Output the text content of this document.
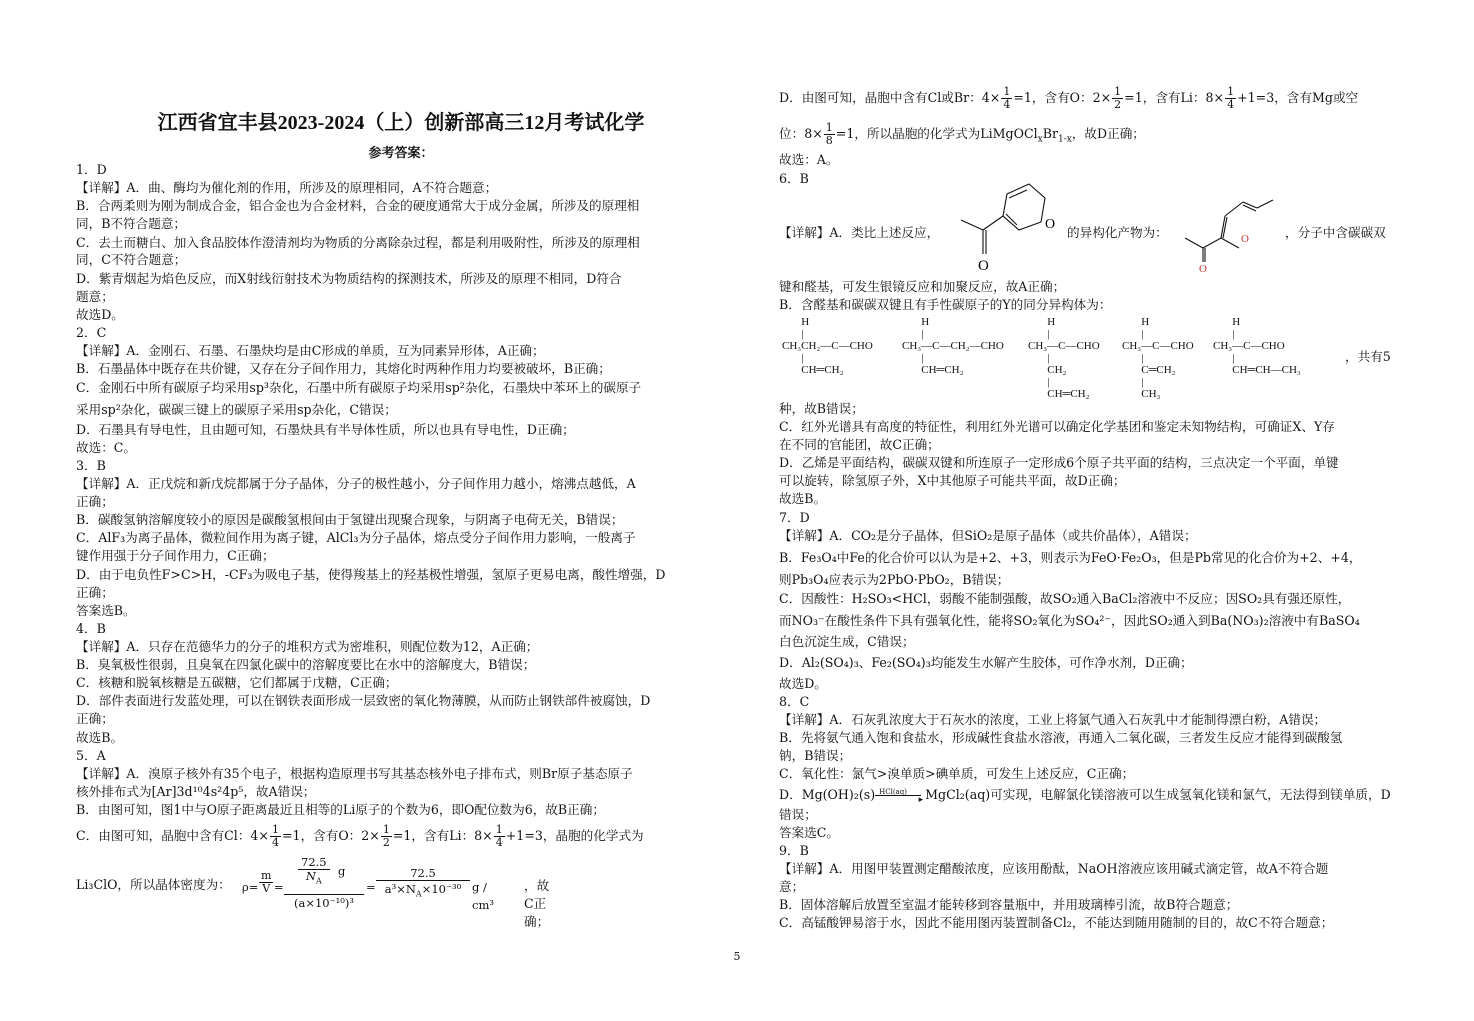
江西省宜丰县2023-2024（上）创新部高三12月考试化学
参考答案：
1．D
【详解】A．曲、酶均为催化剂的作用，所涉及的原理相同，A不符合题意；
B．合两柔则为刚为制成合金，铝合金也为合金材料，合金的硬度通常大于成分金属，所涉及的原理相
同，B不符合题意；
C．去土而糖白、加入食品胶体作澄清剂均为物质的分离除杂过程，都是利用吸附性，所涉及的原理相
同，C不符合题意；
D．紫青烟起为焰色反应，而X射线衍射技术为物质结构的探测技术，所涉及的原理不相同，D符合
题意；
故选D。
2．C
【详解】A．金刚石、石墨、石墨炔均是由C形成的单质，互为同素异形体，A正确；
B．石墨晶体中既存在共价键，又存在分子间作用力，其熔化时两种作用力均要被破坏，B正确；
C．金刚石中所有碳原子均采用sp³杂化，石墨中所有碳原子均采用sp²杂化，石墨炔中苯环上的碳原子
采用sp²杂化，碳碳三键上的碳原子采用sp杂化，C错误；
D．石墨具有导电性，且由题可知，石墨炔具有半导体性质，所以也具有导电性，D正确；
故选：C。
3．B
【详解】A．正戊烷和新戊烷都属于分子晶体，分子的极性越小，分子间作用力越小，熔沸点越低，A
正确；
B．碳酸氢钠溶解度较小的原因是碳酸氢根间由于氢键出现聚合现象，与阴离子电荷无关，B错误；
C．AlF₃为离子晶体，微粒间作用为离子键，AlCl₃为分子晶体，熔点受分子间作用力影响，一般离子
键作用强于分子间作用力，C正确；
D．由于电负性F>C>H，-CF₃为吸电子基，使得羧基上的羟基极性增强，氢原子更易电离，酸性增强，D
正确；
答案选B。
4．B
【详解】A．只存在范德华力的分子的堆积方式为密堆积，则配位数为12，A正确；
B．臭氧极性很弱，且臭氧在四氯化碳中的溶解度要比在水中的溶解度大，B错误；
C．核糖和脱氧核糖是五碳糖，它们都属于戊糖，C正确；
D．部件表面进行发蓝处理，可以在钢铁表面形成一层致密的氧化物薄膜，从而防止钢铁部件被腐蚀，D
正确；
故选B。
5．A
【详解】A．溴原子核外有35个电子，根据构造原理书写其基态核外电子排布式，则Br原子基态原子
核外排布式为[Ar]3d¹⁰4s²4p⁵，故A错误；
B．由图可知，图1中与O原子距离最近且相等的Li原子的个数为6，即O配位数为6，故B正确；
C．由图可知，晶胞中含有Cl：$4\times \frac{1}{4} =1$，含有O：$2\times \frac{1}{2} =1$，含有Li：$8\times \frac{1}{4} +1=3$，晶胞的化学式为
Li₃ClO，所以晶体密度为： $\rho= \frac{m}{V}$ =
72.5
$N_A$
g
(a×10⁻¹⁰)³
=
72.5
$a^3\times N_A\times 10^{-30}$ g / cm³
，故C正确；
D．由图可知，晶胞中含有Cl或Br：$4\times \frac{1}{4} =1$，含有O：$2\times \frac{1}{2} =1$，含有Li：$8\times \frac{1}{4} +1=3$，含有Mg或空
位：$8\times \frac{1}{8} =1$，所以晶胞的化学式为$LiMgOCl_xBr_{1-x}$，故D正确；
故选：A。
6．B
【详解】A．类比上述反应，
O
O
的异构化产物为：	O
O
，分子中含碳碳双
键和醛基，可发生银镜反应和加聚反应，故A正确；
B．含醛基和碳碳双键且有手性碳原子的Y的同分异构体为：
H
|
CH₃CH₂—C—CHO
|
CH═CH₂
H
|
CH₃—C—CH₂—CHO
|
CH═CH₂
H
|
CH₃—C—CHO
|
CH₂
|
CH═CH₂
H
|
CH₃—C—CHO
|
C═CH₂
|
CH₃
H
|
CH₃—C—CHO
|
CH═CH—CH₃
，共有5
种，故B错误；
C．红外光谱具有高度的特征性，利用红外光谱可以确定化学基团和鉴定未知物结构，可确证X、Y存
在不同的官能团，故C正确；
D．乙烯是平面结构，碳碳双键和所连原子一定形成6个原子共平面的结构，三点决定一个平面，单键
可以旋转，除氢原子外，X中其他原子可能共平面，故D正确；
故选B。
7．D
【详解】A．CO₂是分子晶体，但SiO₂是原子晶体（或共价晶体），A错误；
B．Fe₃O₄中Fe的化合价可以认为是+2、+3，则表示为FeO·Fe₂O₃，但是Pb常见的化合价为+2、+4，
则Pb₃O₄应表示为2PbO·PbO₂，B错误；
C．因酸性：H₂SO₃<HCl，弱酸不能制强酸，故SO₂通入BaCl₂溶液中不反应；因SO₂具有强还原性，
而NO₃⁻在酸性条件下具有强氧化性，能将SO₂氧化为SO₄²⁻，因此SO₂通入到Ba(NO₃)₂溶液中有BaSO₄
白色沉淀生成，C错误；
D．Al₂(SO₄)₃、Fe₂(SO₄)₃均能发生水解产生胶体，可作净水剂，D正确；
故选D。
8．C
【详解】A．石灰乳浓度大于石灰水的浓度，工业上将氯气通入石灰乳中才能制得漂白粉，A错误；
B．先将氨气通入饱和食盐水，形成碱性食盐水溶液，再通入二氧化碳，三者发生反应才能得到碳酸氢
钠，B错误；
C．氧化性：氯气>溴单质>碘单质，可发生上述反应，C正确；
D．Mg(OH)₂(s) HCl(aq)
▸ MgCl₂(aq)可实现，电解氯化镁溶液可以生成氢氧化镁和氯气，无法得到镁单质，D
错误；
答案选C。
9．B
【详解】A．用图甲装置测定醋酸浓度，应该用酚酞，NaOH溶液应该用碱式滴定管，故A不符合题
意；
B．固体溶解后放置至室温才能转移到容量瓶中，并用玻璃棒引流，故B符合题意；
C．高锰酸钾易溶于水，因此不能用图丙装置制备Cl₂，不能达到随用随制的目的，故C不符合题意；
5
